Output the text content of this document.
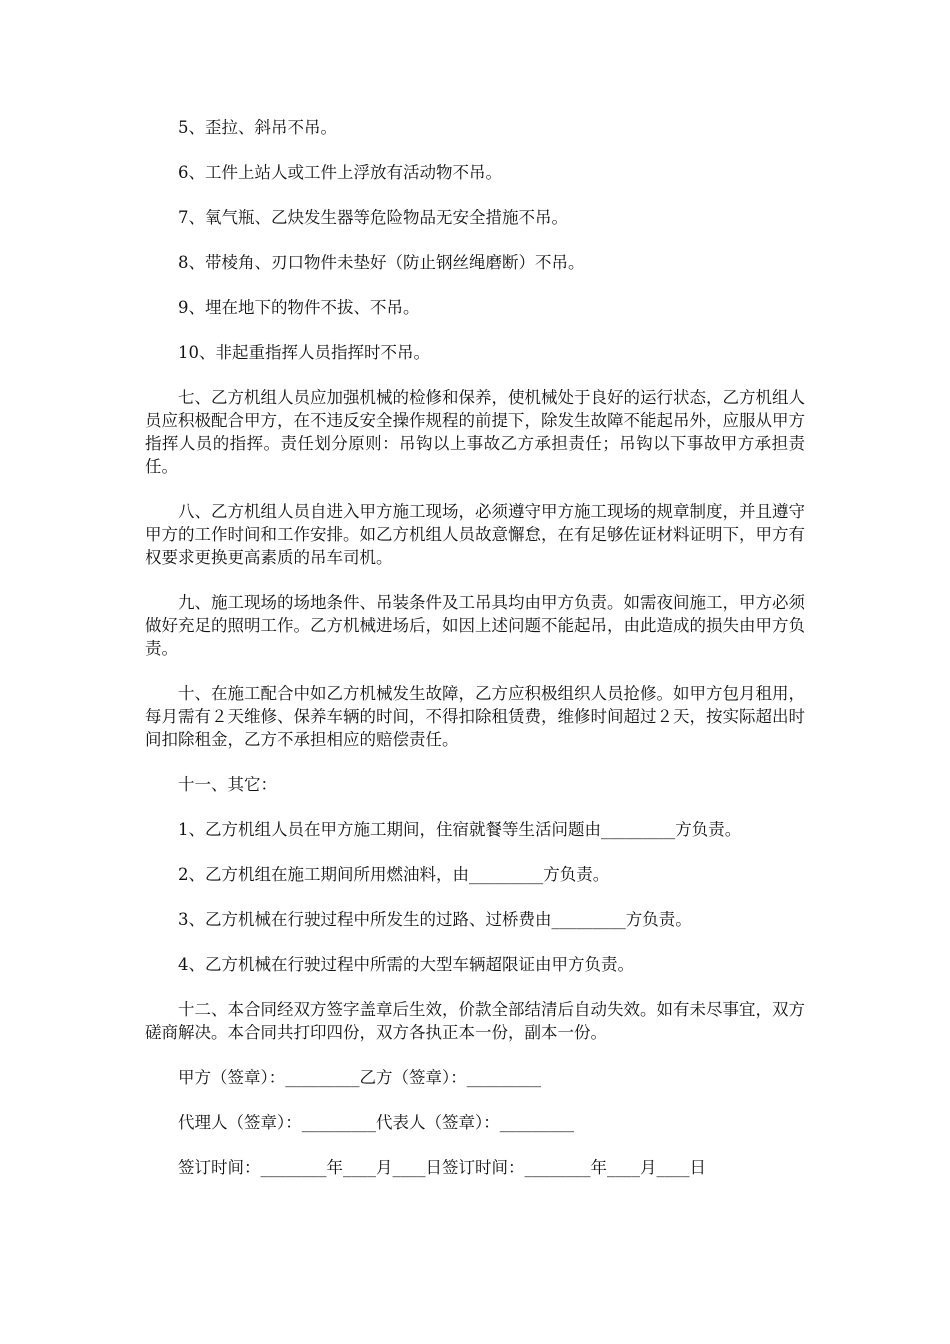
5、歪拉、斜吊不吊。

6、工件上站人或工件上浮放有活动物不吊。

7、氧气瓶、乙炔发生器等危险物品无安全措施不吊。

8、带棱角、刃口物件未垫好（防止钢丝绳磨断）不吊。

9、埋在地下的物件不拔、不吊。

10、非起重指挥人员指挥时不吊。

七、乙方机组人员应加强机械的检修和保养，使机械处于良好的运行状态，乙方机组人员应积极配合甲方，在不违反安全操作规程的前提下，除发生故障不能起吊外，应服从甲方指挥人员的指挥。责任划分原则：吊钩以上事故乙方承担责任；吊钩以下事故甲方承担责任。

八、乙方机组人员自进入甲方施工现场，必须遵守甲方施工现场的规章制度，并且遵守甲方的工作时间和工作安排。如乙方机组人员故意懈怠，在有足够佐证材料证明下，甲方有权要求更换更高素质的吊车司机。

九、施工现场的场地条件、吊装条件及工吊具均由甲方负责。如需夜间施工，甲方必须做好充足的照明工作。乙方机械进场后，如因上述问题不能起吊，由此造成的损失由甲方负责。

十、在施工配合中如乙方机械发生故障，乙方应积极组织人员抢修。如甲方包月租用，每月需有２天维修、保养车辆的时间，不得扣除租赁费，维修时间超过２天，按实际超出时间扣除租金，乙方不承担相应的赔偿责任。

十一、其它：

1、乙方机组人员在甲方施工期间，住宿就餐等生活问题由_________方负责。

2、乙方机组在施工期间所用燃油料，由_________方负责。

3、乙方机械在行驶过程中所发生的过路、过桥费由_________方负责。

4、乙方机械在行驶过程中所需的大型车辆超限证由甲方负责。

十二、本合同经双方签字盖章后生效，价款全部结清后自动失效。如有未尽事宜，双方磋商解决。本合同共打印四份，双方各执正本一份，副本一份。

甲方（签章）：_________乙方（签章）：_________

代理人（签章）：_________代表人（签章）：_________

签订时间：________年____月____日签订时间：________年____月____日
